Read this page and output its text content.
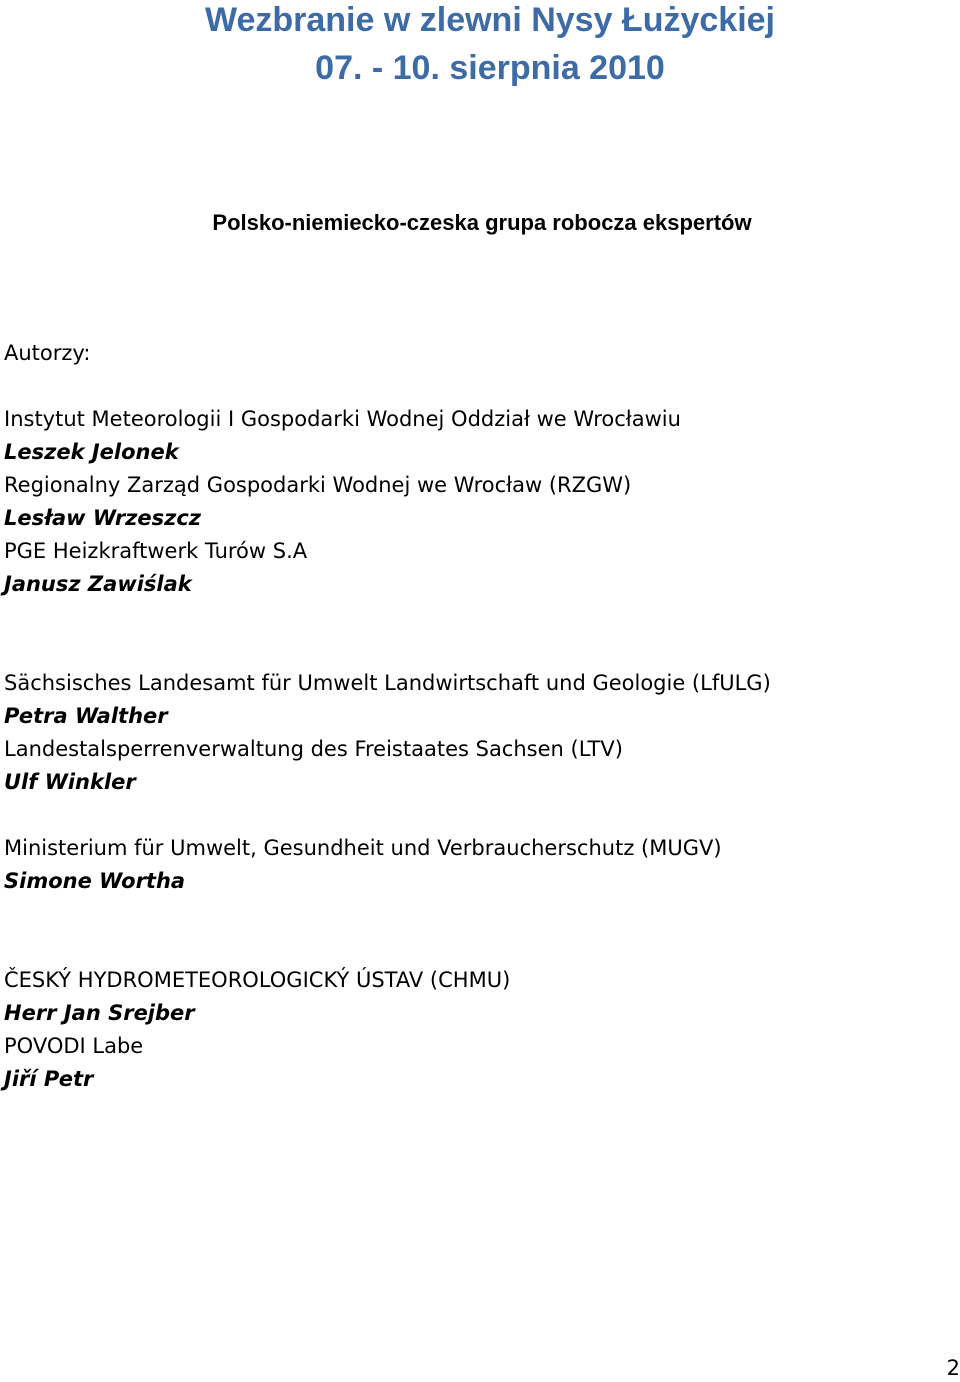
Wezbranie w zlewni Nysy Łużyckiej
07. - 10. sierpnia 2010
Polsko-niemiecko-czeska grupa robocza ekspertów
Autorzy:
Instytut Meteorologii I Gospodarki Wodnej Oddział we Wrocławiu
Leszek Jelonek
Regionalny Zarząd Gospodarki Wodnej we Wrocław (RZGW)
Lesław Wrzeszcz
PGE Heizkraftwerk Turów S.A
Janusz Zawiślak
Sächsisches Landesamt für Umwelt Landwirtschaft und Geologie (LfULG)
Petra Walther
Landestalsperrenverwaltung des Freistaates Sachsen (LTV)
Ulf Winkler
Ministerium für Umwelt, Gesundheit und Verbraucherschutz (MUGV)
Simone Wortha
ČESKÝ HYDROMETEOROLOGICKÝ ÚSTAV (CHMU)
Herr Jan Srejber
POVODI Labe
Jiří Petr
2
